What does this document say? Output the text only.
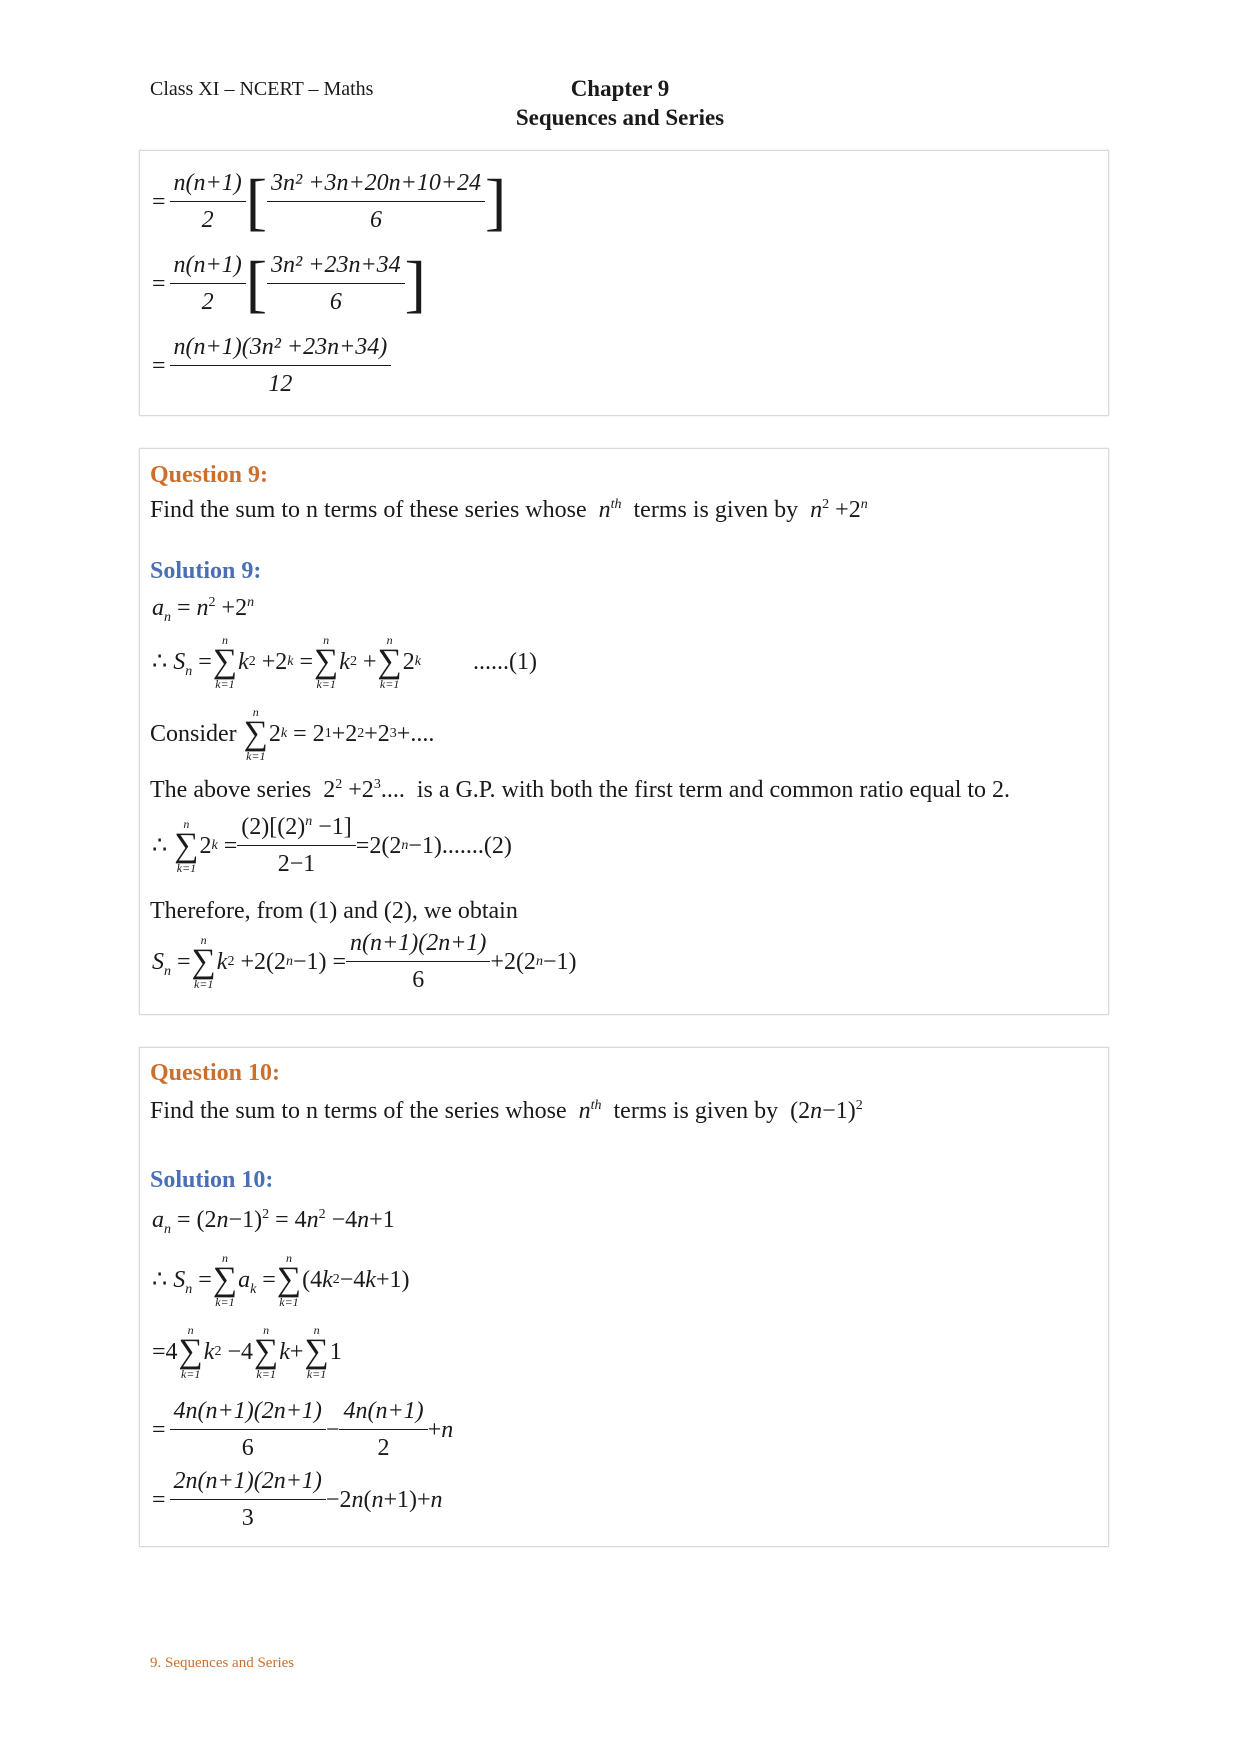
Class XI – NCERT – Maths	Chapter 9
Sequences and Series
= $\frac{n(n+1)}{2}$ [ $\frac{\text{3n² +3n+20n+10+24}}{6}$ ]
= $\frac{n(n+1)}{2}$ [ $\frac{\text{3n² +23n+34}}{6}$ ]
= $\frac{\text{n(n+1)(3n² +23n+34)}}{12}$
Question 9:
Find the sum to n terms of these series whose $n^{th}$ terms is given by $n^2 +2^n$
Solution 9:
$a_n = n^2 +2^n$
∴ $S_n$ =
n
∑
k=1
k 2 +2 k =
n
∑
k=1
k 2 +
n
∑
k=1
2 k ......(1)
Consider

n
∑
k=1
2 k = 2 1 +2 2 +2 3 +....
The above series  $2^2 +2^3$....  is a G.P. with both the first term and common ratio equal to 2.
∴
n
∑
k=1
2 $k = \frac{(2)[(2)^n -1]}{2-1} =2(2$ n −1) .......(2)
Therefore, from (1) and (2), we obtain
$S_n$ =
n
∑
k=1
k 2 +2(2 $n -1) = \frac{n(n+1)(2n+1)}{6} +2(2$ n −1)
Question 10:
Find the sum to n terms of the series whose $n^{th}$ terms is given by  $(2n-1)^2$
Solution 10:
$a_n = (2n-1)^2 = 4n^2 -4n+1$
∴ $S_n$ =
n
∑
k=1
$a_k$ =
n
∑
k=1
(4 k 2 −4 k +1)
=4
n
∑
k=1
k 2 −4
n
∑
k=1
k +
n
∑
k=1
1
= $\frac{4n(n+1)(2n+1)}{6} - \frac{4n(n+1)}{2} + n$
= $\frac{2n(n+1)(2n+1)}{3} -2$ n ( n +1)+ n
9. Sequences and Series
